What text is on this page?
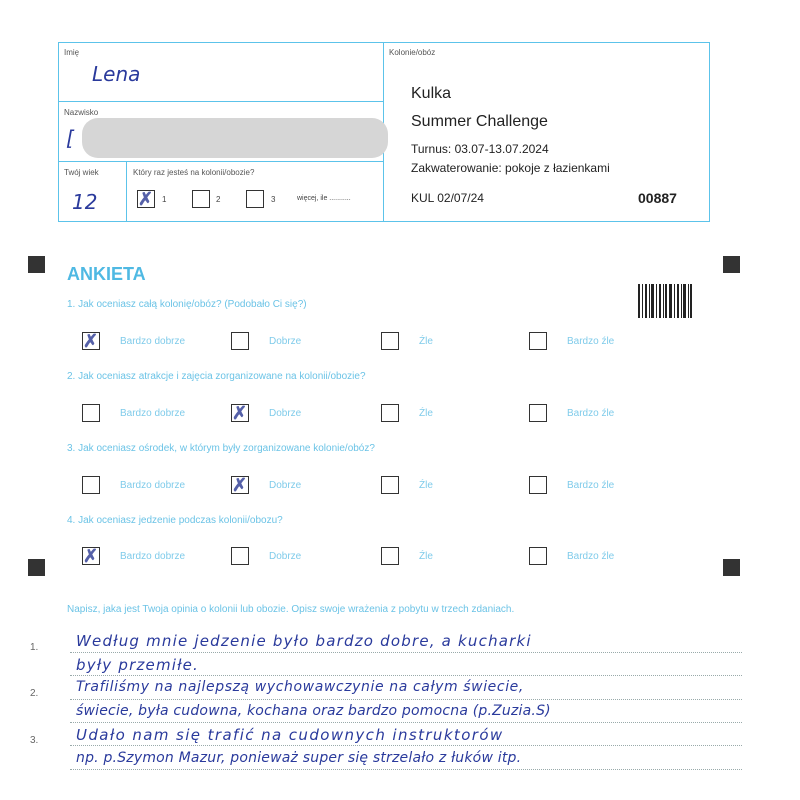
Imię
Lena
Nazwisko
[
Twój wiek
12
Który raz jesteś na kolonii/obozie?
✗ 1	2	3	więcej, ile ...........
Kolonie/obóz
Kulka
Summer Challenge
Turnus: 03.07-13.07.2024
Zakwaterowanie: pokoje z łazienkami
KUL 02/07/24	00887
ANKIETA
1. Jak oceniasz całą kolonię/obóz? (Podobało Ci się?)
2. Jak oceniasz atrakcje i zajęcia zorganizowane na kolonii/obozie?
3. Jak oceniasz ośrodek, w którym były zorganizowane kolonie/obóz?
4. Jak oceniasz jedzenie podczas kolonii/obozu?
✗ Bardzo dobrze	Dobrze	Źle	Bardzo źle
Bardzo dobrze	✗ Dobrze	Źle	Bardzo źle
Bardzo dobrze	✗ Dobrze	Źle	Bardzo źle
✗ Bardzo dobrze	Dobrze	Źle	Bardzo źle
Napisz, jaka jest Twoja opinia o kolonii lub obozie. Opisz swoje wrażenia z pobytu w trzech zdaniach.
1.
2.
3.
Według mnie jedzenie było bardzo dobre, a kucharki
były przemiłe.
Trafiliśmy na najlepszą wychowawczynie na całym świecie,
świecie, była cudowna, kochana oraz bardzo pomocna (p.Zuzia.S)
Udało nam się trafić na cudownych instruktorów
np. p.Szymon Mazur, ponieważ super się strzelało z łuków itp.
